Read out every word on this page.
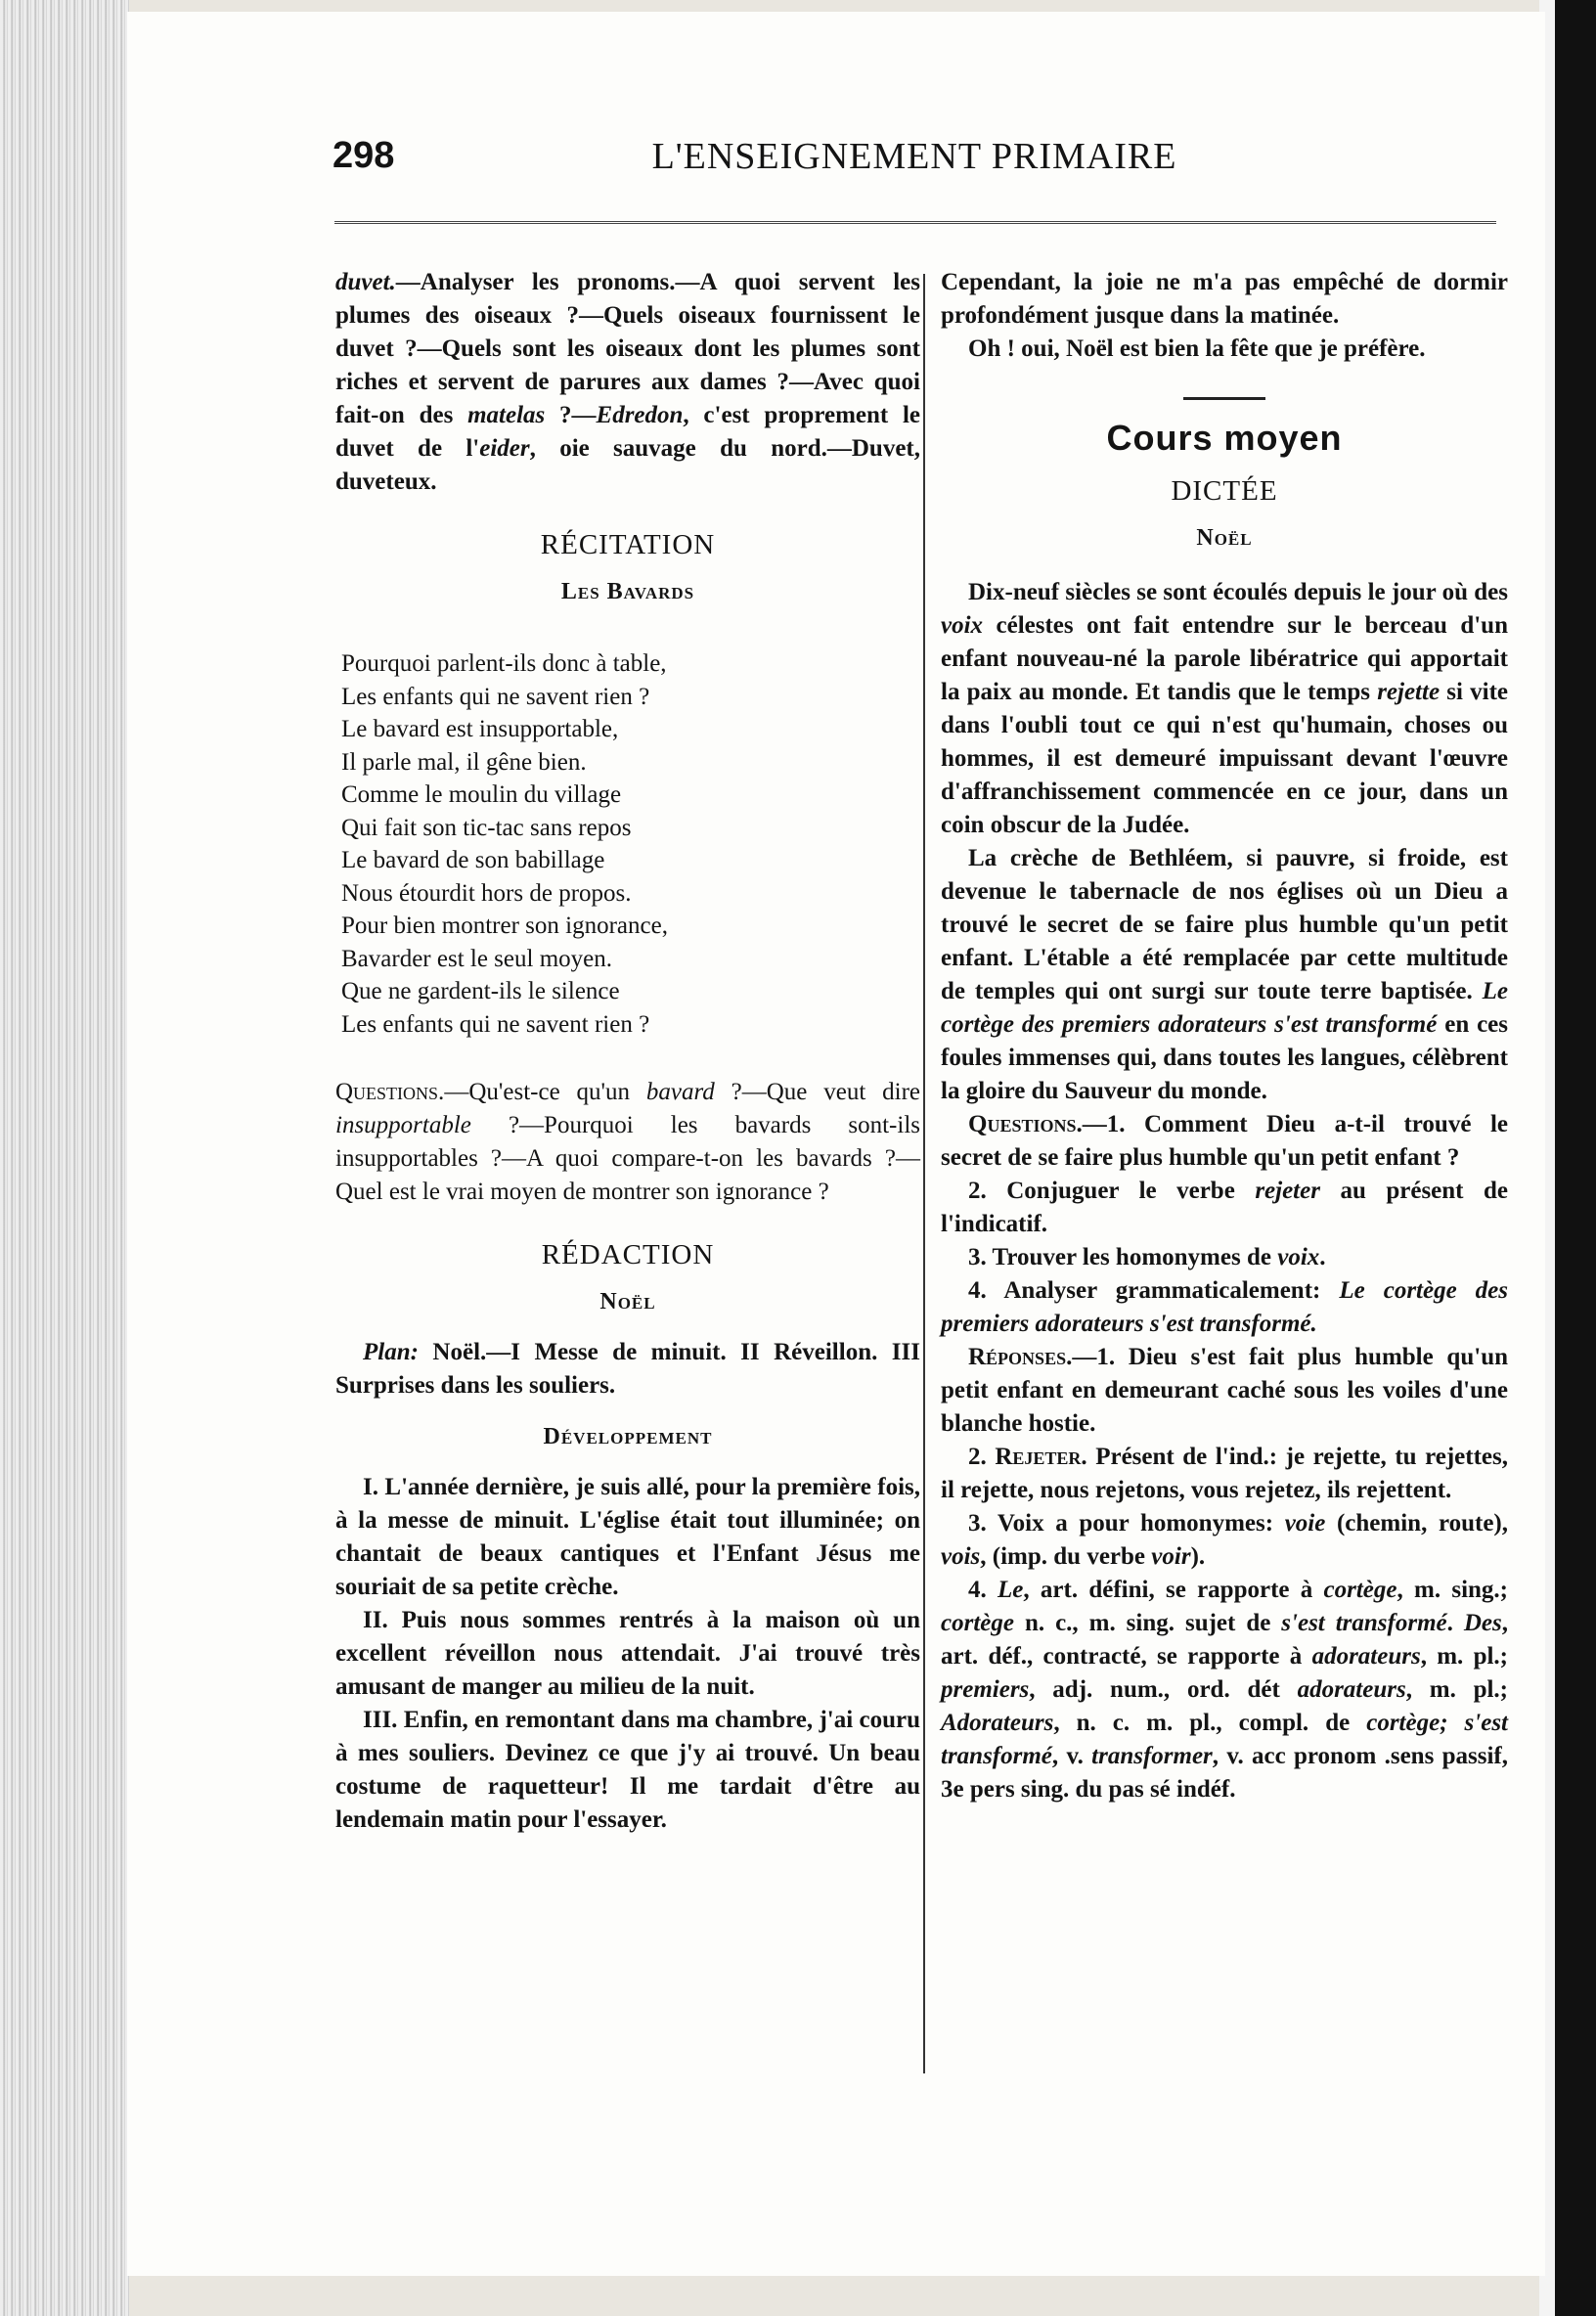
298	L'ENSEIGNEMENT PRIMAIRE

duvet.—Analyser les pronoms.—A quoi servent les plumes des oiseaux ?—Quels oiseaux fournissent le duvet ?—Quels sont les oiseaux dont les plumes sont riches et servent de parures aux dames ?—Avec quoi fait-on des matelas ?—Edredon, c'est proprement le duvet de l'eider, oie sauvage du nord.—Duvet, duveteux.

RÉCITATION
Les Bavards
Pourquoi parlent-ils donc à table,
Les enfants qui ne savent rien ?
Le bavard est insupportable,
Il parle mal, il gêne bien.
Comme le moulin du village
Qui fait son tic-tac sans repos
Le bavard de son babillage
Nous étourdit hors de propos.
Pour bien montrer son ignorance,
Bavarder est le seul moyen.
Que ne gardent-ils le silence
Les enfants qui ne savent rien ?

Questions.—Qu'est-ce qu'un bavard ?—Que veut dire insupportable ?—Pourquoi les bavards sont-ils insupportables ?—A quoi compare-t-on les bavards ?—Quel est le vrai moyen de montrer son ignorance ?

RÉDACTION
Noël

Plan: Noël.—I Messe de minuit. II Réveillon. III Surprises dans les souliers.

Développement

I. L'année dernière, je suis allé, pour la première fois, à la messe de minuit. L'église était tout illuminée; on chantait de beaux cantiques et l'Enfant Jésus me souriait de sa petite crèche.

II. Puis nous sommes rentrés à la maison où un excellent réveillon nous attendait. J'ai trouvé très amusant de manger au milieu de la nuit.

III. Enfin, en remontant dans ma chambre, j'ai couru à mes souliers. Devinez ce que j'y ai trouvé. Un beau costume de raquetteur! Il me tardait d'être au lendemain matin pour l'essayer.

Cependant, la joie ne m'a pas empêché de dormir profondément jusque dans la matinée.

Oh ! oui, Noël est bien la fête que je préfère.

Cours moyen
DICTÉE
Noël

Dix-neuf siècles se sont écoulés depuis le jour où des voix célestes ont fait entendre sur le berceau d'un enfant nouveau-né la parole libératrice qui apportait la paix au monde. Et tandis que le temps rejette si vite dans l'oubli tout ce qui n'est qu'humain, choses ou hommes, il est demeuré impuissant devant l'œuvre d'affranchissement commencée en ce jour, dans un coin obscur de la Judée.

La crèche de Bethléem, si pauvre, si froide, est devenue le tabernacle de nos églises où un Dieu a trouvé le secret de se faire plus humble qu'un petit enfant. L'étable a été remplacée par cette multitude de temples qui ont surgi sur toute terre baptisée. Le cortège des premiers adorateurs s'est transformé en ces foules immenses qui, dans toutes les langues, célèbrent la gloire du Sauveur du monde.

Questions.—1. Comment Dieu a-t-il trouvé le secret de se faire plus humble qu'un petit enfant ?

2. Conjuguer le verbe rejeter au présent de l'indicatif.

3. Trouver les homonymes de voix.

4. Analyser grammaticalement: Le cortège des premiers adorateurs s'est transformé.

Réponses.—1. Dieu s'est fait plus humble qu'un petit enfant en demeurant caché sous les voiles d'une blanche hostie.

2. Rejeter. Présent de l'ind.: je rejette, tu rejettes, il rejette, nous rejetons, vous rejetez, ils rejettent.

3. Voix a pour homonymes: voie (chemin, route), vois, (imp. du verbe voir).

4. Le, art. défini, se rapporte à cortège, m. sing.; cortège n. c., m. sing. sujet de s'est transformé. Des, art. déf., contracté, se rapporte à adorateurs, m. pl.; premiers, adj. num., ord. dét adorateurs, m. pl.; Adorateurs, n. c. m. pl., compl. de cortège; s'est transformé, v. transformer, v. acc pronom .sens passif, 3e pers sing. du pas sé indéf.
